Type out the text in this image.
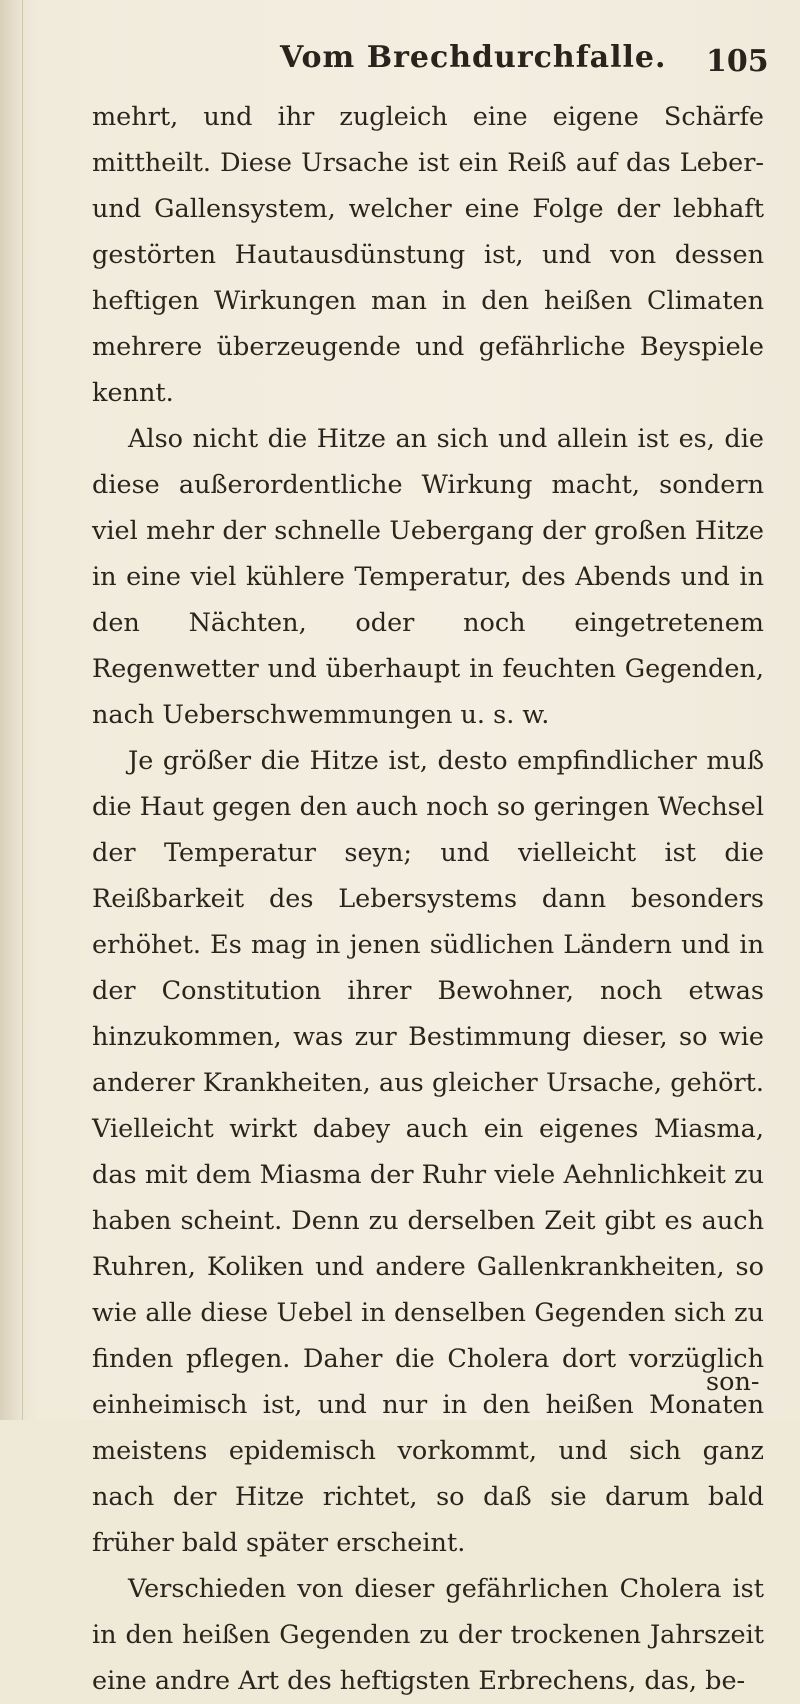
Vom Brechdurchfalle. 105

mehrt, und ihr zugleich eine eigene Schärfe mittheilt. Diese Ursache ist ein Reiß auf das Leber- und Gallensystem, welcher eine Folge der lebhaft gestörten Hautausdünstung ist, und von dessen heftigen Wirkungen man in den heißen Climaten mehrere überzeugende und gefährliche Beyspiele kennt.

Also nicht die Hitze an sich und allein ist es, die diese außerordentliche Wirkung macht, sondern viel mehr der schnelle Uebergang der großen Hitze in eine viel kühlere Temperatur, des Abends und in den Nächten, oder noch eingetretenem Regenwetter und überhaupt in feuchten Gegenden, nach Ueberschwemmungen u. s. w.

Je größer die Hitze ist, desto empfindlicher muß die Haut gegen den auch noch so geringen Wechsel der Temperatur seyn; und vielleicht ist die Reißbarkeit des Lebersystems dann besonders erhöhet. Es mag in jenen südlichen Ländern und in der Constitution ihrer Bewohner, noch etwas hinzukommen, was zur Bestimmung dieser, so wie anderer Krankheiten, aus gleicher Ursache, gehört. Vielleicht wirkt dabey auch ein eigenes Miasma, das mit dem Miasma der Ruhr viele Aehnlichkeit zu haben scheint. Denn zu derselben Zeit gibt es auch Ruhren, Koliken und andere Gallenkrankheiten, so wie alle diese Uebel in denselben Gegenden sich zu finden pflegen. Daher die Cholera dort vorzüglich einheimisch ist, und nur in den heißen Monaten meistens epidemisch vorkommt, und sich ganz nach der Hitze richtet, so daß sie darum bald früher bald später erscheint.

Verschieden von dieser gefährlichen Cholera ist in den heißen Gegenden zu der trockenen Jahrszeit eine andre Art des heftigsten Erbrechens, das, be-

son-
